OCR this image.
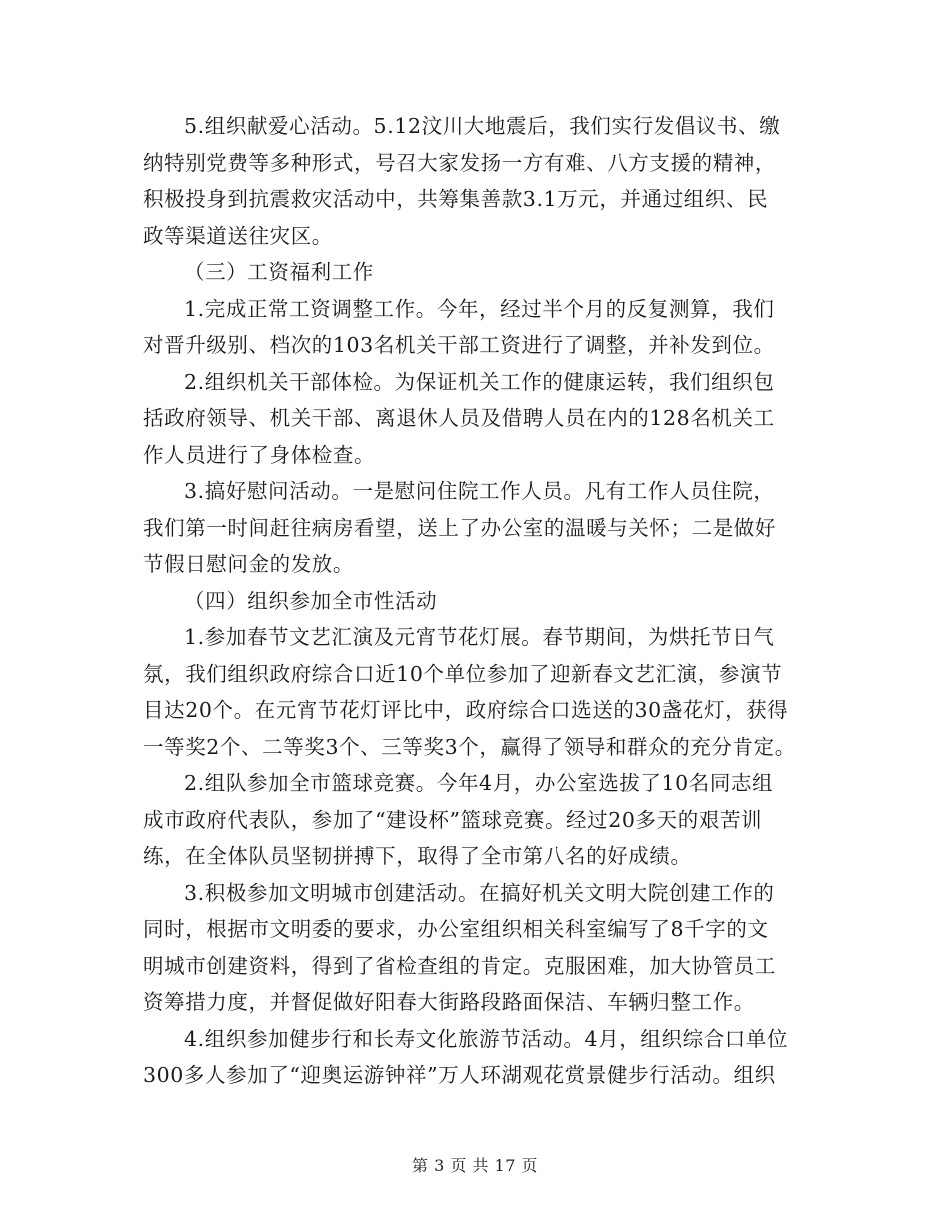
5.组织献爱心活动。5.12汶川大地震后，我们实行发倡议书、缴
纳特别党费等多种形式，号召大家发扬一方有难、八方支援的精神，
积极投身到抗震救灾活动中，共筹集善款3.1万元，并通过组织、民
政等渠道送往灾区。

（三）工资福利工作

1.完成正常工资调整工作。今年，经过半个月的反复测算，我们
对晋升级别、档次的103名机关干部工资进行了调整，并补发到位。

2.组织机关干部体检。为保证机关工作的健康运转，我们组织包
括政府领导、机关干部、离退休人员及借聘人员在内的128名机关工
作人员进行了身体检查。

3.搞好慰问活动。一是慰问住院工作人员。凡有工作人员住院，
我们第一时间赶往病房看望，送上了办公室的温暖与关怀；二是做好
节假日慰问金的发放。

（四）组织参加全市性活动

1.参加春节文艺汇演及元宵节花灯展。春节期间，为烘托节日气
氛，我们组织政府综合口近10个单位参加了迎新春文艺汇演，参演节
目达20个。在元宵节花灯评比中，政府综合口选送的30盏花灯，获得
一等奖2个、二等奖3个、三等奖3个，赢得了领导和群众的充分肯定。

2.组队参加全市篮球竞赛。今年4月，办公室选拔了10名同志组
成市政府代表队，参加了“建设杯”篮球竞赛。经过20多天的艰苦训
练，在全体队员坚韧拼搏下，取得了全市第八名的好成绩。

3.积极参加文明城市创建活动。在搞好机关文明大院创建工作的
同时，根据市文明委的要求，办公室组织相关科室编写了8千字的文
明城市创建资料，得到了省检查组的肯定。克服困难，加大协管员工
资筹措力度，并督促做好阳春大街路段路面保洁、车辆归整工作。

4.组织参加健步行和长寿文化旅游节活动。4月，组织综合口单位
300多人参加了“迎奥运游钟祥”万人环湖观花赏景健步行活动。组织

第 3 页 共 17 页
